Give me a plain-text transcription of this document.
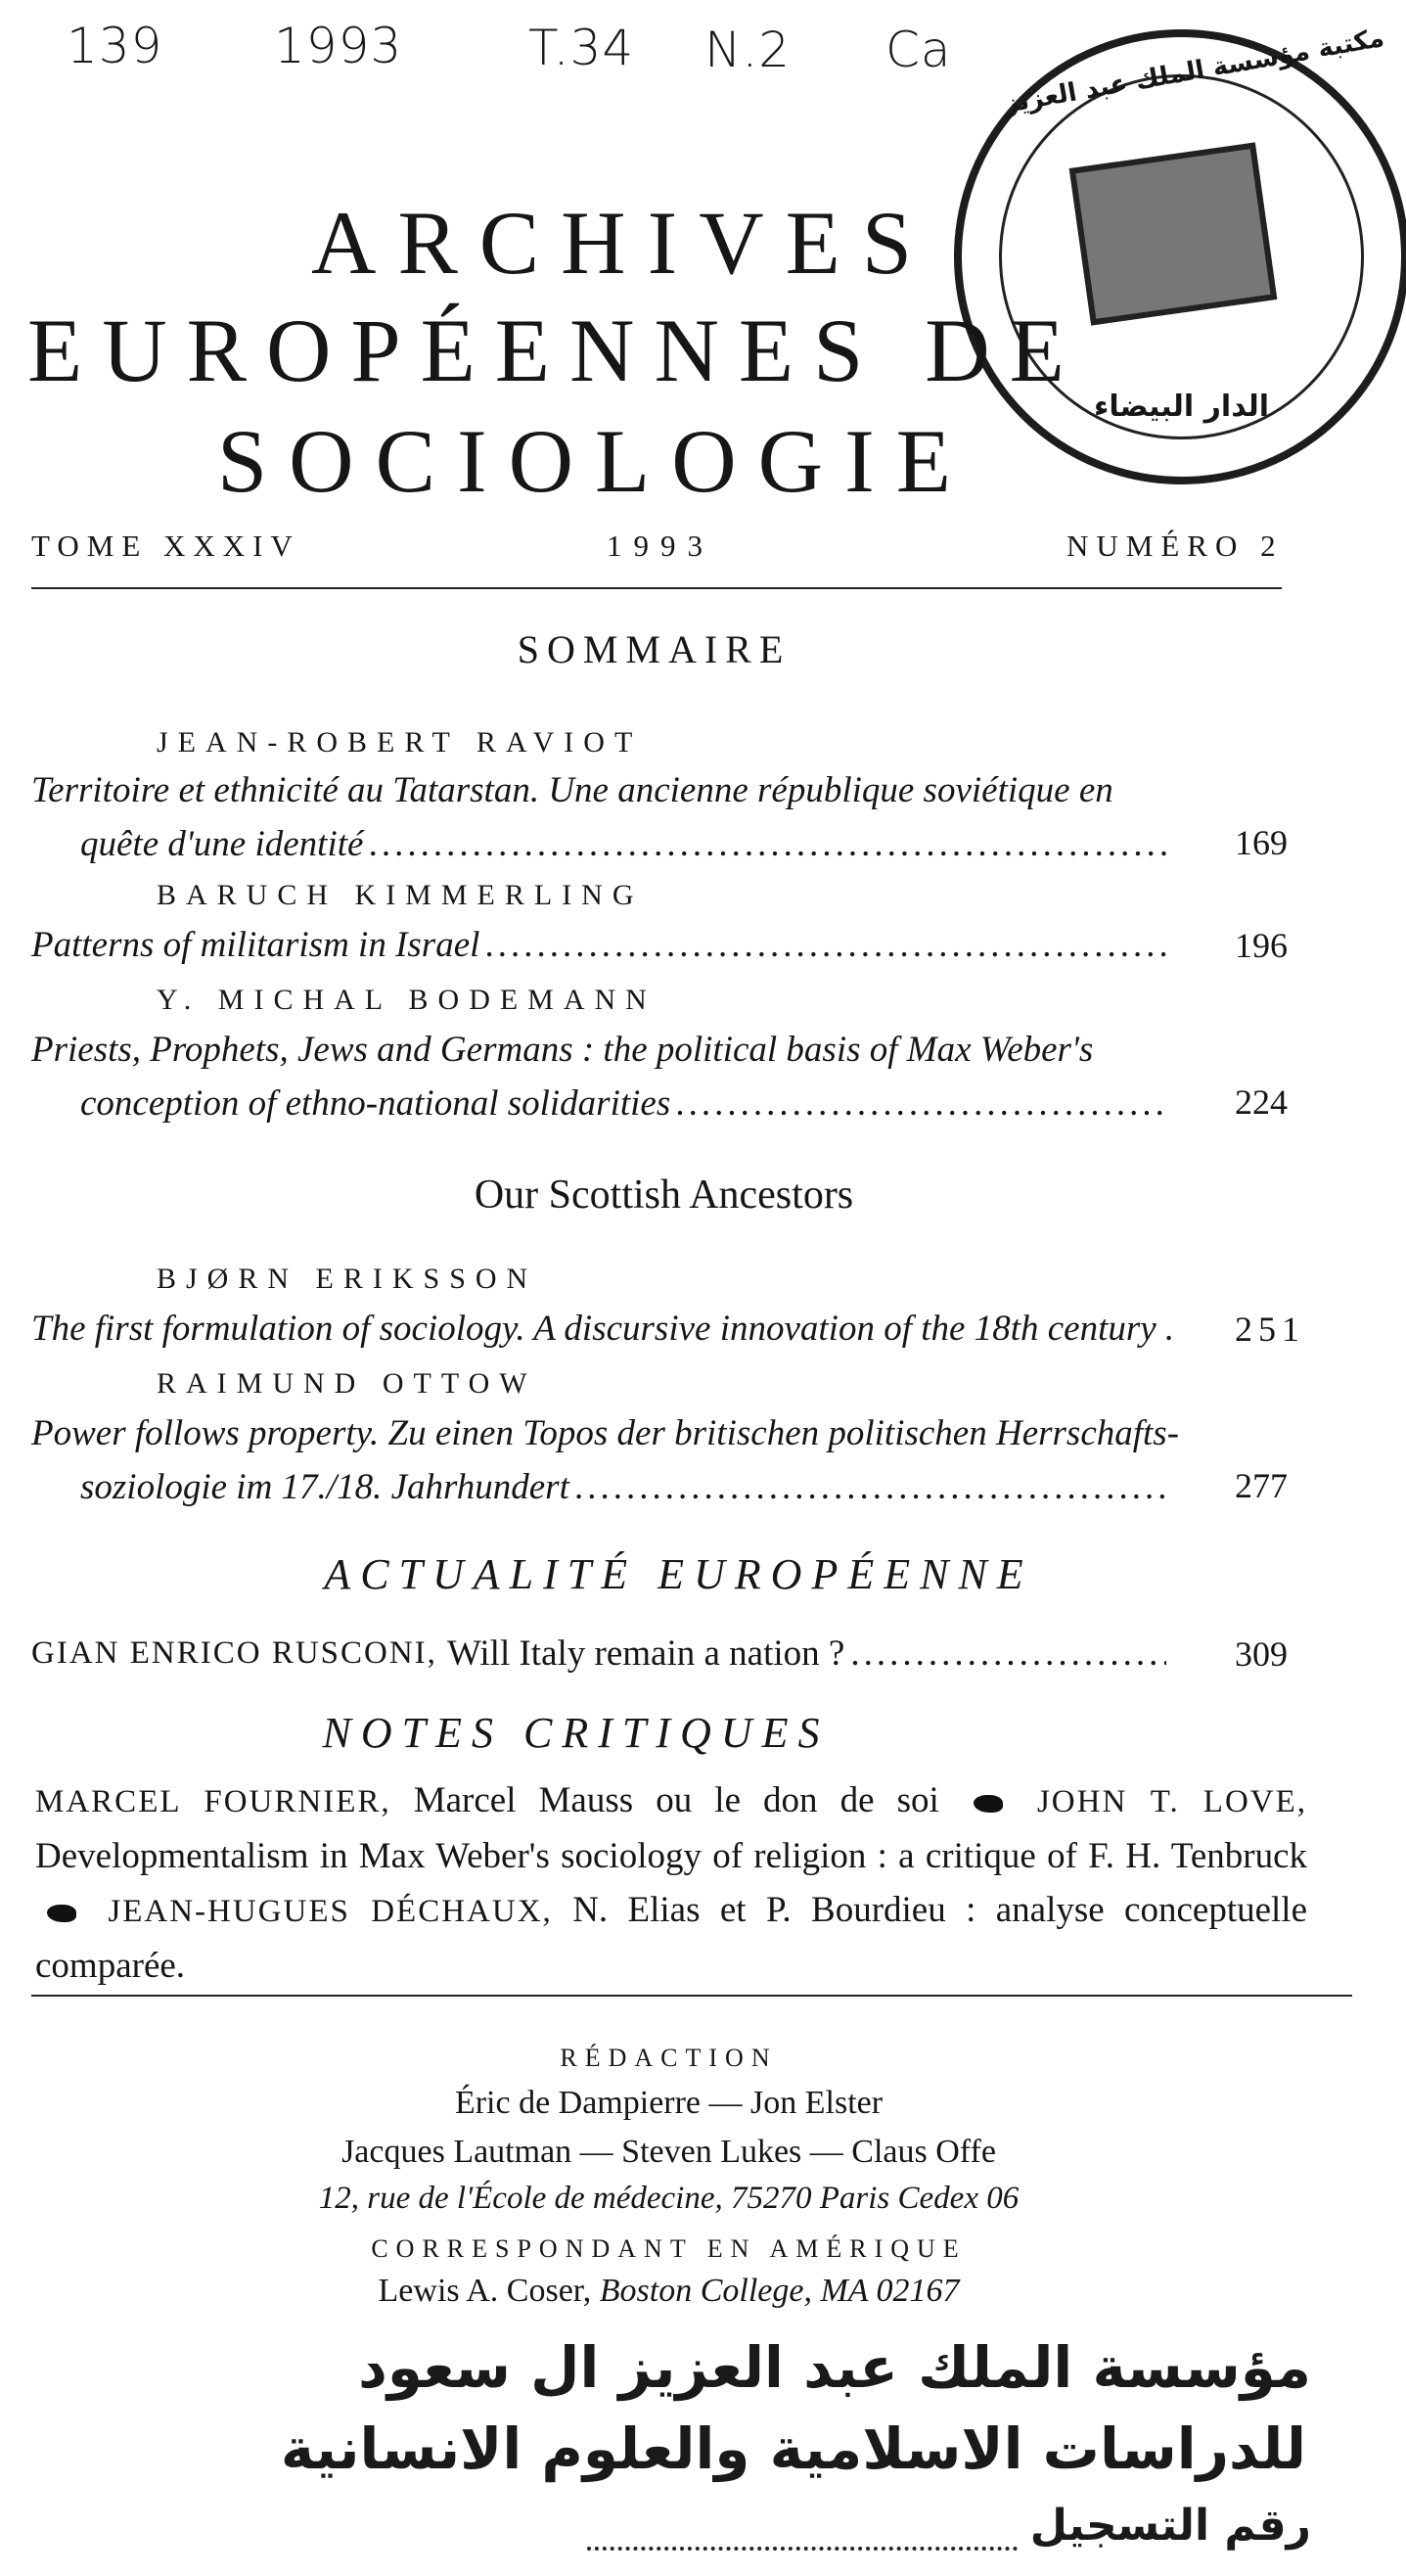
139 1993	T.34 N.2 Ca مكتبة مؤسسة الملك عبد العزيز
الدار البيضاء
ARCHIVES
EUROPÉENNES DE
SOCIOLOGIE
TOME XXXIV	1993	NUMÉRO 2
SOMMAIRE
JEAN-ROBERT RAVIOT
Territoire et ethnicité au Tatarstan. Une ancienne république soviétique en
quête d'une identité .....	169
BARUCH KIMMERLING
Patterns of militarism in Israel .....	196
Y. MICHAL BODEMANN
Priests, Prophets, Jews and Germans : the political basis of Max Weber's
conception of ethno-national solidarities .....	224
Our Scottish Ancestors
BJØRN ERIKSSON
The first formulation of sociology. A discursive innovation of the 18th century . 251
RAIMUND OTTOW
Power follows property. Zu einen Topos der britischen politischen Herrschafts-
soziologie im 17./18. Jahrhundert .....	277
ACTUALITÉ EUROPÉENNE
GIAN ENRICO RUSCONI, Will Italy remain a nation ? .....	309
NOTES CRITIQUES
MARCEL FOURNIER, Marcel Mauss ou le don de soi	JOHN T. LOVE, Developmentalism in Max Weber's sociology of religion : a critique of F. H. Tenbruck  JEAN-HUGUES DÉCHAUX, N. Elias et P. Bourdieu : analyse conceptuelle comparée.
RÉDACTION
Éric de Dampierre — Jon Elster
Jacques Lautman — Steven Lukes — Claus Offe
12, rue de l'École de médecine, 75270 Paris Cedex 06
CORRESPONDANT EN AMÉRIQUE
Lewis A. Coser, Boston College, MA 02167
مؤسسة الملك عبد العزيز ال سعود
للدراسات الاسلامية والعلوم الانسانية
رقم التسجيل
